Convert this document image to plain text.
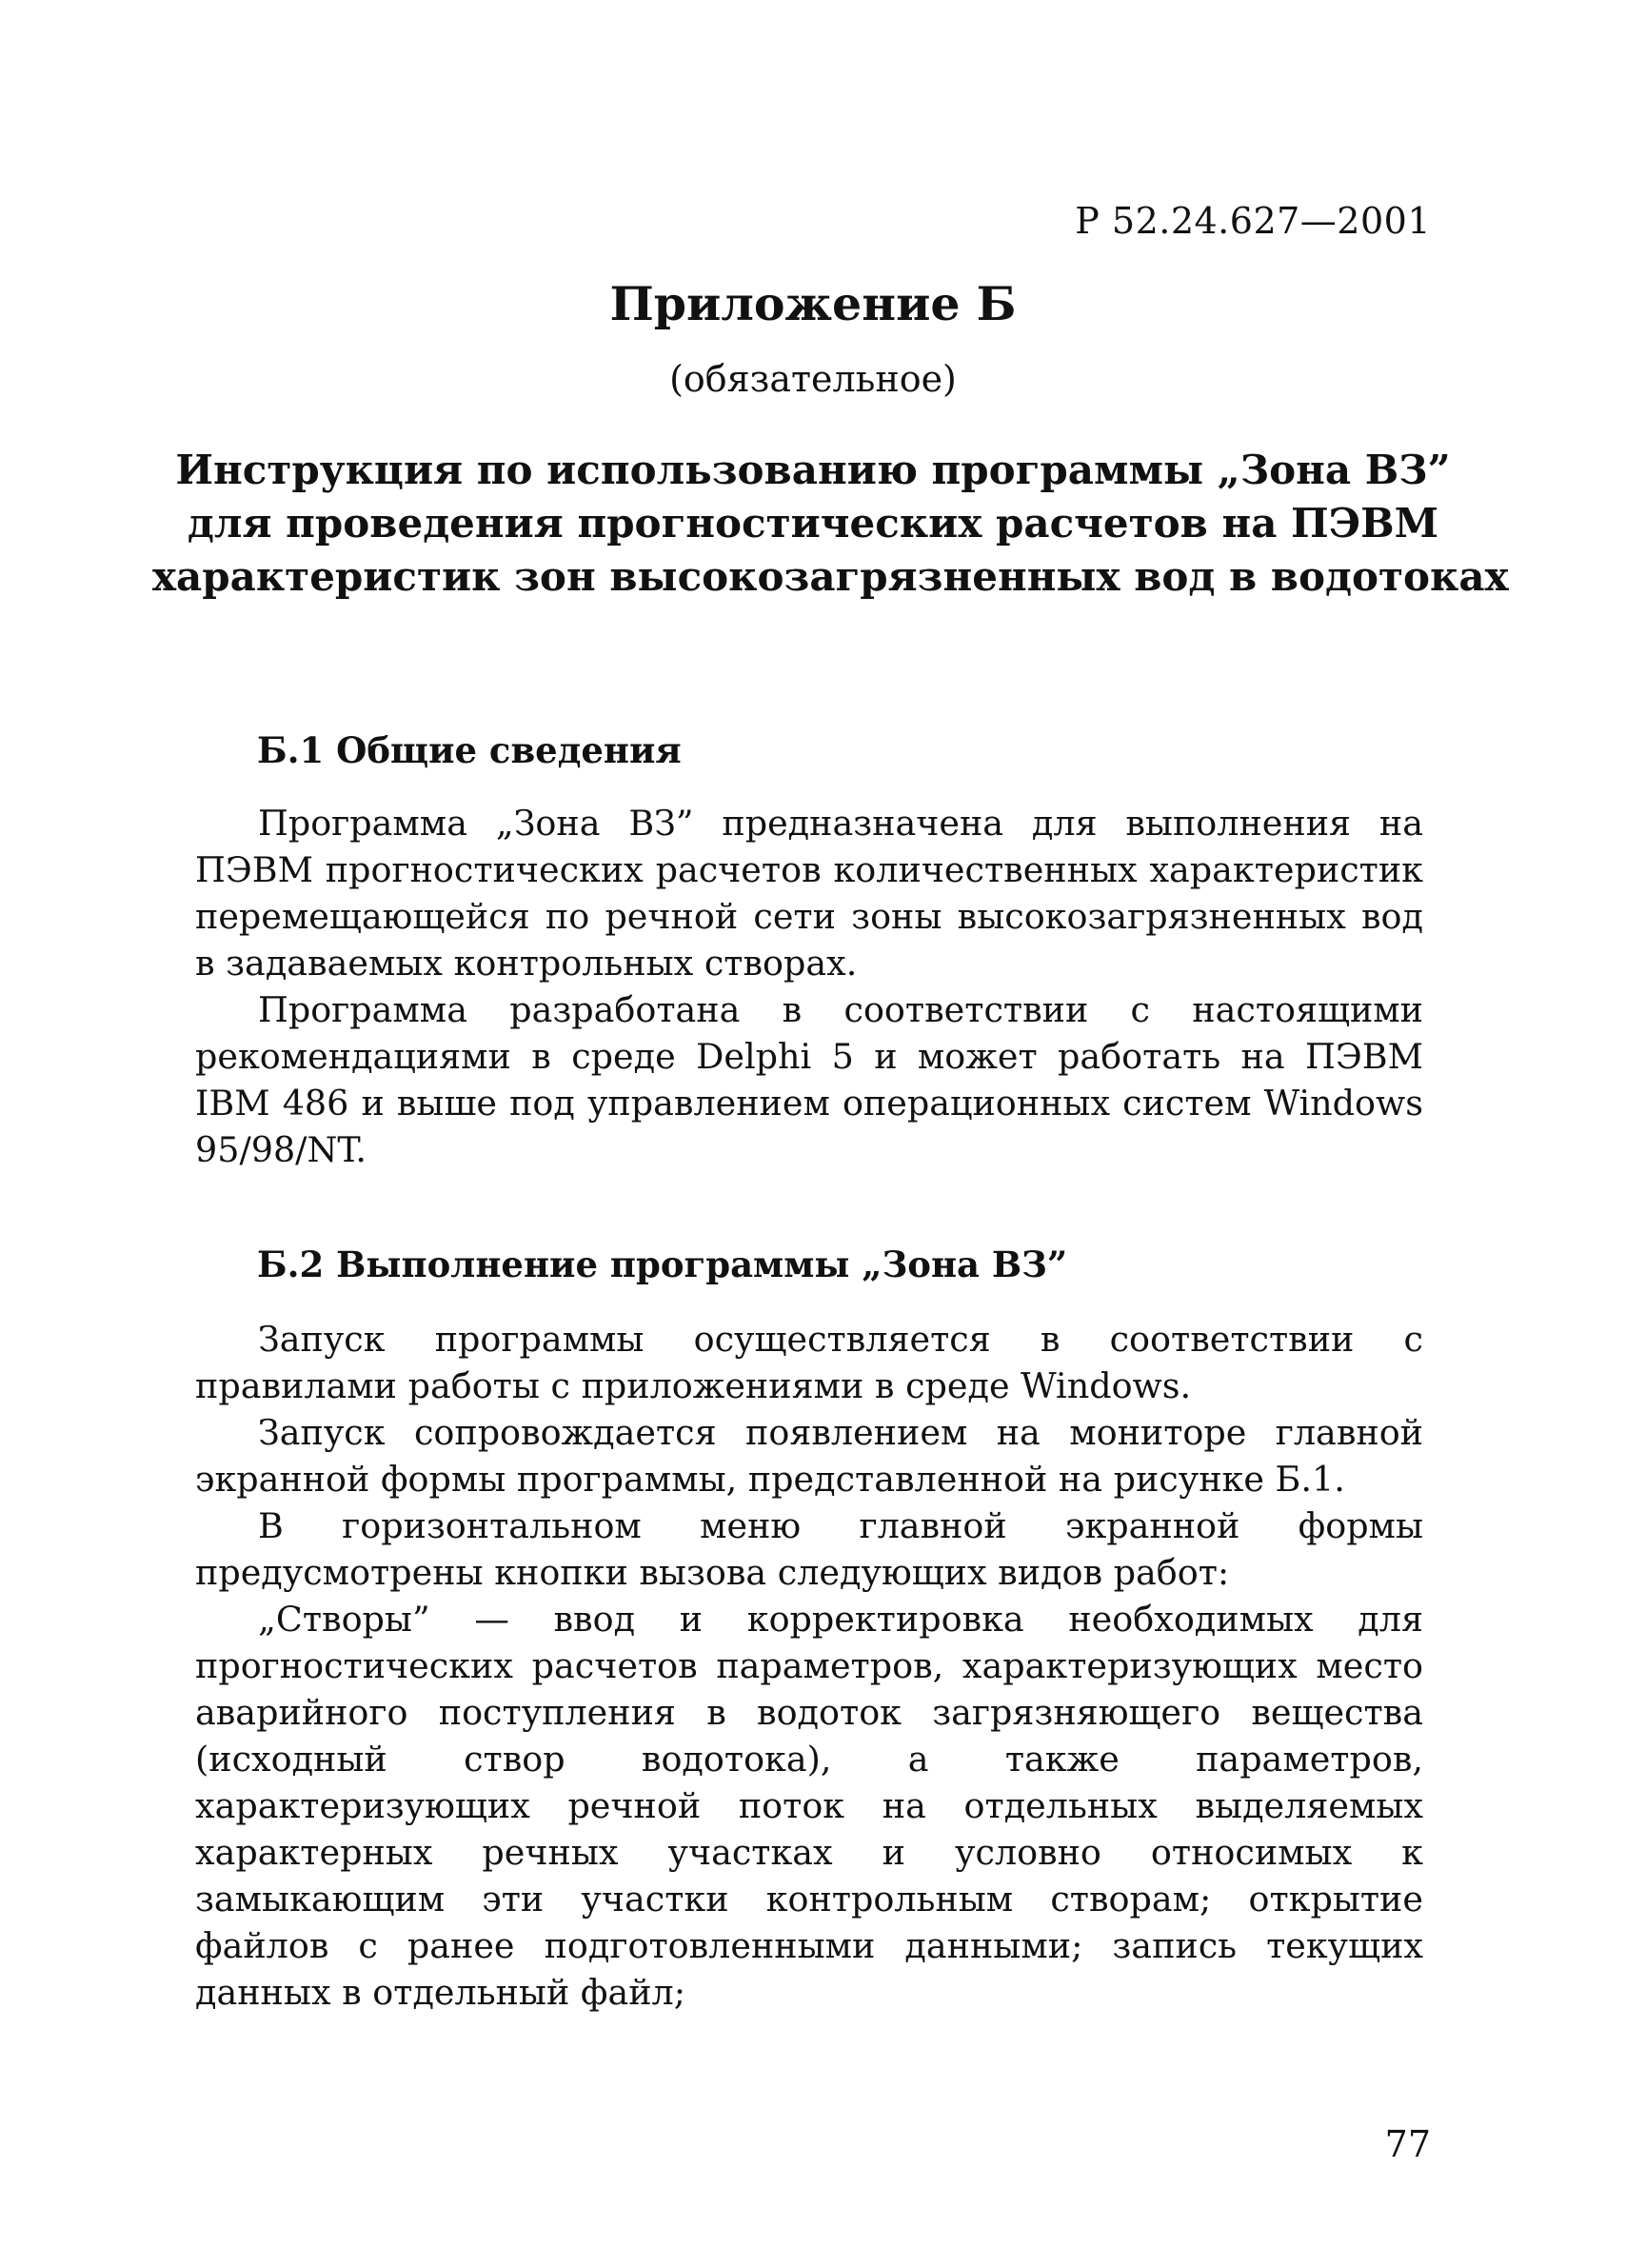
Р 52.24.627—2001
Приложение Б
(обязательное)
Инструкция по использованию программы „Зона ВЗ”
для проведения прогностических расчетов на ПЭВМ
характеристик зон высокозагрязненных вод в водотоках
Б.1 Общие сведения

Программа „Зона ВЗ” предназначена для выполнения на ПЭВМ прогностических расчетов количественных характеристик перемещающейся по речной сети зоны высокозагрязненных вод в задаваемых контрольных створах.

Программа разработана в соответствии с настоящими рекомендациями в среде Delphi 5 и может работать на ПЭВМ IBM 486 и выше под управлением операционных систем Windows 95/98/NT.

Б.2 Выполнение программы „Зона ВЗ”

Запуск программы осуществляется в соответствии с правилами работы с приложениями в среде Windows.

Запуск сопровождается появлением на мониторе главной экранной формы программы, представленной на рисунке Б.1.

В горизонтальном меню главной экранной формы предусмотрены кнопки вызова следующих видов работ:

„Створы” — ввод и корректировка необходимых для прогностических расчетов параметров, характеризующих место аварийного поступления в водоток загрязняющего вещества (исходный створ водотока), а также параметров, характеризующих речной поток на отдельных выделяемых характерных речных участках и условно относимых к замыкающим эти участки контрольным створам; открытие файлов с ранее подготовленными данными; запись текущих данных в отдельный файл;

77
